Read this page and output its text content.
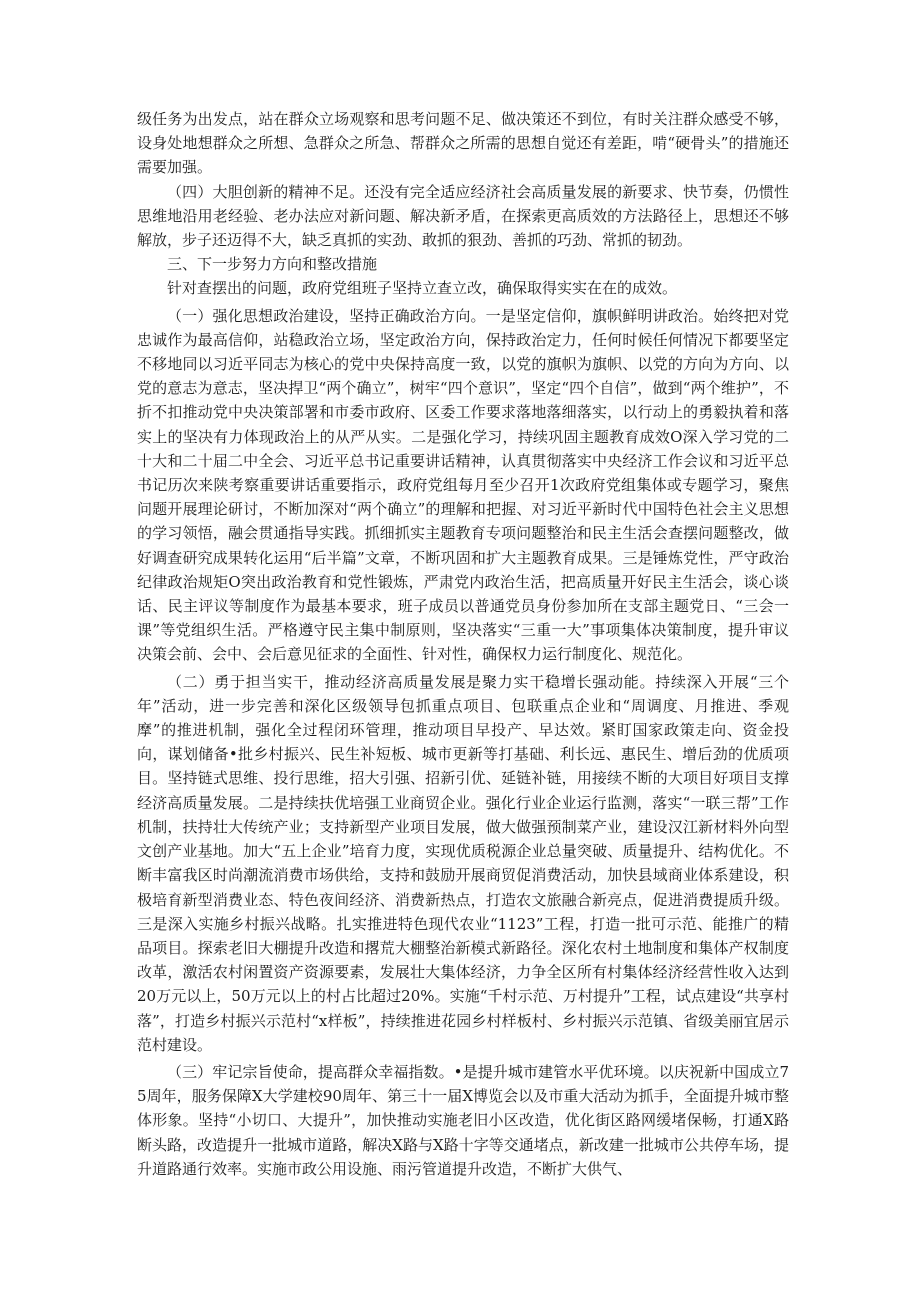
级任务为出发点，站在群众立场观察和思考问题不足、做决策还不到位，有时关注群众感受不够，设身处地想群众之所想、急群众之所急、帮群众之所需的思想自觉还有差距，啃“硬骨头”的措施还需要加强。

（四）大胆创新的精神不足。还没有完全适应经济社会高质量发展的新要求、快节奏，仍惯性思维地沿用老经验、老办法应对新问题、解决新矛盾，在探索更高质效的方法路径上，思想还不够解放，步子还迈得不大，缺乏真抓的实劲、敢抓的狠劲、善抓的巧劲、常抓的韧劲。

三、下一步努力方向和整改措施

针对查摆出的问题，政府党组班子坚持立查立改，确保取得实实在在的成效。

（一）强化思想政治建设，坚持正确政治方向。一是坚定信仰，旗帜鲜明讲政治。始终把对党忠诚作为最高信仰，站稳政治立场，坚定政治方向，保持政治定力，任何时候任何情况下都要坚定不移地同以习近平同志为核心的党中央保持高度一致，以党的旗帜为旗帜、以党的方向为方向、以党的意志为意志，坚决捍卫“两个确立”，树牢“四个意识”，坚定“四个自信”，做到“两个维护”，不折不扣推动党中央决策部署和市委市政府、区委工作要求落地落细落实，以行动上的勇毅执着和落实上的坚决有力体现政治上的从严从实。二是强化学习，持续巩固主题教育成效O深入学习党的二十大和二十届二中全会、习近平总书记重要讲话精神，认真贯彻落实中央经济工作会议和习近平总书记历次来陕考察重要讲话重要指示，政府党组每月至少召开1次政府党组集体或专题学习，聚焦问题开展理论研讨，不断加深对“两个确立”的理解和把握、对习近平新时代中国特色社会主义思想的学习领悟，融会贯通指导实践。抓细抓实主题教育专项问题整治和民主生活会查摆问题整改，做好调查研究成果转化运用“后半篇”文章，不断巩固和扩大主题教育成果。三是锤炼党性，严守政治纪律政治规矩O突出政治教育和党性锻炼，严肃党内政治生活，把高质量开好民主生活会，谈心谈话、民主评议等制度作为最基本要求，班子成员以普通党员身份参加所在支部主题党日、“三会一课”等党组织生活。严格遵守民主集中制原则，坚决落实“三重一大”事项集体决策制度，提升审议决策会前、会中、会后意见征求的全面性、针对性，确保权力运行制度化、规范化。

（二）勇于担当实干，推动经济高质量发展是聚力实干稳增长强动能。持续深入开展“三个年”活动，进一步完善和深化区级领导包抓重点项目、包联重点企业和“周调度、月推进、季观摩”的推进机制，强化全过程闭环管理，推动项目早投产、早达效。紧盯国家政策走向、资金投向，谋划储备•批乡村振兴、民生补短板、城市更新等打基础、利长远、惠民生、增后劲的优质项目。坚持链式思维、投行思维，招大引强、招新引优、延链补链，用接续不断的大项目好项目支撑经济高质量发展。二是持续扶优培强工业商贸企业。强化行业企业运行监测，落实“一联三帮”工作机制，扶持壮大传统产业；支持新型产业项目发展，做大做强预制菜产业，建设汉江新材料外向型文创产业基地。加大“五上企业”培育力度，实现优质税源企业总量突破、质量提升、结构优化。不断丰富我区时尚潮流消费市场供给，支持和鼓励开展商贸促消费活动，加快县域商业体系建设，积极培育新型消费业态、特色夜间经济、消费新热点，打造农文旅融合新亮点，促进消费提质升级。三是深入实施乡村振兴战略。扎实推进特色现代农业“1123”工程，打造一批可示范、能推广的精品项目。探索老旧大棚提升改造和撂荒大棚整治新模式新路径。深化农村土地制度和集体产权制度改革，激活农村闲置资产资源要素，发展壮大集体经济，力争全区所有村集体经济经营性收入达到20万元以上，50万元以上的村占比超过20%。实施“千村示范、万村提升”工程，试点建设“共享村落”，打造乡村振兴示范村“x样板”，持续推进花园乡村样板村、乡村振兴示范镇、省级美丽宜居示范村建设。

（三）牢记宗旨使命，提高群众幸福指数。•是提升城市建管水平优环境。以庆祝新中国成立75周年，服务保障X大学建校90周年、第三十一届X博览会以及市重大活动为抓手，全面提升城市整体形象。坚持“小切口、大提升”，加快推动实施老旧小区改造，优化街区路网缓堵保畅，打通X路断头路，改造提升一批城市道路，解决X路与X路十字等交通堵点，新改建一批城市公共停车场，提升道路通行效率。实施市政公用设施、雨污管道提升改造，不断扩大供气、
